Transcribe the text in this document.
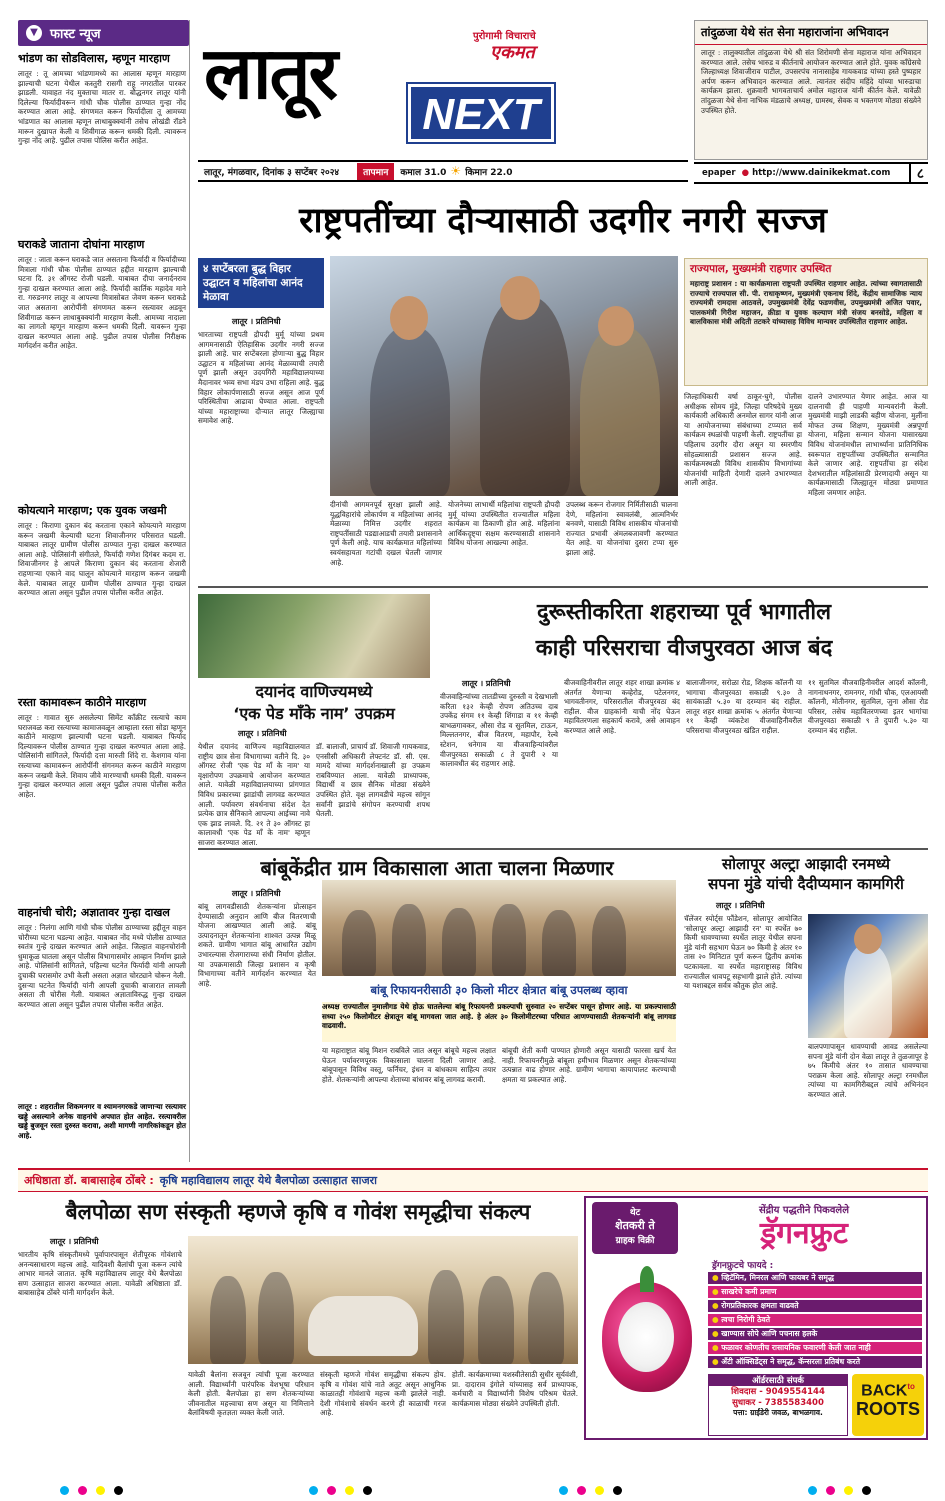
▼ फास्ट न्यूज
भांडण का सोडविलास, म्हणून मारहाण
लातूर : तू आमच्या भांडणामध्ये का आलास म्हणून मारहाण झाल्याची घटना येथील कस्तुरी रासगी राहू नगरातील पारकर झाडली. यावाहत नंद मुक्ताचा मातर रा. बौद्धनगर लातूर यांनी दिलेल्या फिर्यादीवरून गांधी चौक पोलीस ठाण्यात गुन्हा नोंद करण्यात आला आहे. संगणमत करून फिर्यादीला तू आमच्या भांडणात का आलास म्हणून लाथाबुक्क्यांनी तसेच लोखंडी रॉडने मारून दुखापत केली व शिवीगाळ करून धमकी दिली. त्यावरून गुन्हा नोंद आहे. पुढील तपास पोलिस करीत आहेत.
घराकडे जाताना दोघांना मारहाण
लातूर : जाता करून घराकडे जात असताना फिर्यादी व फिर्यादीच्या मित्राला गांधी चौक पोलीस ठाण्यात हद्दीत मारहाण झाल्याची घटना दि. ३१ ऑगस्ट रोजी घडली. याबाबत दीपा जनार्दनराव गुन्हा दाखल करण्यात आला आहे. फिर्यादी कार्तिक महादेव माने रा. गरुडनगर लातूर व आपल्या मित्रासोबत जेवण करून घराकडे जात असताना आरोपींनी संगणमत करून रस्त्यावर अडवून शिवीगाळ करून लाथाबुक्क्यांनी मारहाण केली. आमच्या नादाला का लागतो म्हणून मारहाण करून धमकी दिली. यावरून गुन्हा दाखल करण्यात आला आहे. पुढील तपास पोलीस निरीक्षक मार्गदर्शन करीत आहेत.
कोयत्याने मारहाण; एक युवक जखमी
लातूर : किराणा दुकान बंद करताना एकाने कोयत्याने मारहाण करून जखमी केल्याची घटना शिवाजीनगर परिसरात घडली. याबाबत लातूर ग्रामीण पोलीस ठाण्यात गुन्हा दाखल करण्यात आला आहे. पोलिसांनी संगीतले, फिर्यादी गणेश दिगंबर कदम रा. शिवाजीनगर हे आपले किराणा दुकान बंद करताना शेजारी राहणाऱ्या एकाने वाद घालून कोयत्याने मारहाण करून जखमी केले. याबाबत लातूर ग्रामीण पोलीस ठाण्यात गुन्हा दाखल करण्यात आला असून पुढील तपास पोलीस करीत आहेत.
रस्ता कामावरून काठीने मारहाण
लातूर : गावात सुरु असलेल्या सिमेंट काँक्रीट रस्त्याचे काम घराजवळ करा रस्त्याच्या कामाजवळून आम्हाला रस्ता सोडा म्हणून काठीने मारहाण झाल्याची घटना घडली. याबाबत फिर्याद दिल्यावरून पोलीस ठाण्यात गुन्हा दाखल करण्यात आला आहे. पोलिसांनी सांगितले, फिर्यादी दत्ता मारुती शिंदे रा. केशगाव यांना रस्त्याच्या कामावरून आरोपींनी संगनमत करून काठीने मारहाण करून जखमी केले. शिवाय जीवे मारण्याची धमकी दिली. यावरून गुन्हा दाखल करण्यात आला असून पुढील तपास पोलीस करीत आहेत.
वाहनांची चोरी; अज्ञातावर गुन्हा दाखल
लातूर : निलंगा आणि गांधी चौक पोलीस ठाण्याच्या हद्दीतून वाहन चोरीच्या घटना घडल्या आहेत. याबाबत नोंद मध्ये पोलीस ठाण्यात स्वतंत्र गुन्हे दाखल करण्यात आले आहेत. जिल्हात वाहनचोरांनी धुमाकूळ घातला असून पोलीस विभागासमोर आव्हान निर्माण झाले आहे. पोलिसांनी सांगितले, पहिल्या घटनेत फिर्यादी यांनी आपली दुचाकी घरासमोर उभी केली असता अज्ञात चोरट्याने चोरून नेली. दुसऱ्या घटनेत फिर्यादी यांनी आपली दुचाकी बाजारात लावली असता ती चोरीस गेली. याबाबत अज्ञाताविरुद्ध गुन्हा दाखल करण्यात आला असून पुढील तपास पोलीस करीत आहेत.
लातूर : शहरातील शिकमनगर व श्यामनगरकडे जाणाऱ्या रस्त्यावर खड्डे असल्याने अनेक वाहनांचे अपघात होत आहेत. रस्त्यावरील खड्डे बुजवून रस्ता दुरुस्त करावा, अशी मागणी नागरिकांकडून होत आहे.
लातूर	पुरोगामी विचाराचे
एकमत
NEXT
लातूर, मंगळवार, दिनांक ३ सप्टेंबर २०२४	तापमान	कमाल 31.0 ☀ किमान 22.0
तांदुळजा येथे संत सेना महाराजांना अभिवादन
लातूर : तालुक्यातील तांदुळजा येथे श्री संत शिरोमणी सेना महाराज यांना अभिवादन करण्यात आले. तसेच भारुड व कीर्तनाचे आयोजन करण्यात आले होते. युवक काँग्रेसचे जिल्हाध्यक्ष शिवाजीराव पाटील, उपसरपंच नानासाहेब गायकवाड यांच्या हस्ते पुष्पहार अर्पण करून अभिवादन करण्यात आले. त्यानंतर संदीप महिंदे यांच्या भारुडाचा कार्यक्रम झाला. शुक्रवारी भागवताचार्य अमोल महाराज यांनी कीर्तन केले. यावेळी तांदुळजा येथे सेना नाभिक मंडळाचे अध्यक्ष, ग्रामस्थ, सेवक व भक्तगण मोठ्या संख्येने उपस्थित होते.
epaper ● http://www.dainikekmat.com	८
राष्ट्रपतींच्या दौऱ्यासाठी उदगीर नगरी सज्ज
४ सप्टेंबरला बुद्ध विहार उद्घाटन व महिलांचा आनंद मेळावा
लातूर । प्रतिनिधी
भारताच्या राष्ट्रपती द्रौपदी मुर्मू यांच्या प्रथम आगमनासाठी ऐतिहासिक उदगीर नगरी सज्ज झाली आहे. चार सप्टेंबरला होणाऱ्या बुद्ध विहार उद्घाटन व महिलांच्या आनंद मेळाव्याची तयारी पूर्ण झाली असून उदयगिरी महाविद्यालयाच्या मैदानावर भव्य सभा मंडप उभा राहिला आहे. बुद्ध विहार लोकार्पणासाठी सज्ज असून आज पूर्ण परिस्थितीचा आढावा घेण्यात आला. राष्ट्रपती यांच्या महाराष्ट्राच्या दौऱ्यात लातूर जिल्ह्याचा समावेश आहे.
दीनांची आगमनपूर्व सुरक्षा झाली आहे. यूद्धविहारांचे लोकार्पण व महिलांच्या आनंद मेळाव्या निमित्त उदगीर शहरात राष्ट्रपतींसाठी पडद्याआडची तयारी प्रशासनाने पूर्ण केली आहे. याच कार्यक्रमात महिलांच्या स्वयंसहायता गटांची दखल घेतली जाणार आहे.
योजनेच्या लाभार्थी महिलांचा राष्ट्रपती द्रौपदी मुर्मू यांच्या उपस्थितीत राज्यातील महिला कार्यक्रम वा ठिकाणी होत आहे. महिलांना आर्थिकदृष्ट्या सक्षम करण्यासाठी शासनाने विविध योजना आखल्या आहेत.
उपलब्ध करून रोजगार निर्मितीसाठी चालना देणे, महिलांना स्वावलंबी, आत्मनिर्भर बनवणे, यासाठी विविध शासकीय योजनांची राज्यात प्रभावी अंमलबजावणी करण्यात येत आहे. या योजनांचा दुसरा टप्पा सुरु झाला आहे.
राज्यपाल, मुख्यमंत्री राहणार उपस्थित
महाराष्ट्र प्रशासन : या कार्यक्रमाला राष्ट्रपती उपस्थित राहणार आहेत. त्यांच्या स्वागतासाठी राज्याचे राज्यपाल सी. पी. राधाकृष्णन, मुख्यमंत्री एकनाथ शिंदे, केंद्रीय सामाजिक न्याय राज्यमंत्री रामदास आठवले, उपमुख्यमंत्री देवेंद्र फडणवीस, उपमुख्यमंत्री अजित पवार, पालकमंत्री गिरीश महाजन, क्रीडा व युवक कल्याण मंत्री संजय बनसोडे, महिला व बालविकास मंत्री अदिती तटकरे यांच्यासह विविध मान्यवर उपस्थितीत राहणार आहेत.
जिल्हाधिकारी वर्षा ठाकूर-घुगे, पोलीस अधीक्षक सोमय मुंडे, जिल्हा परिषदेचे मुख्य कार्यकारी अधिकारी अनमोल सागर यांनी आज या आयोजनाच्या संबंधाच्या टप्प्यात सर्व कार्यक्रम स्थळांची पाहणी केली. राष्ट्रपतींचा हा पहिलाच उदगीर दौरा असून या स्मरणीय सोहळ्यासाठी प्रशासन सज्ज आहे. कार्यक्रमस्थळी विविध शासकीय विभागांच्या योजनांची माहिती देणारी दालने उभारण्यात आली आहेत.
दालने उभारण्यात येणार आहेत. आज या दालनाची ही पाहणी मान्यवरांनी केली. मुख्यमंत्री माझी लाडकी बहीण योजना, मुलींना मोफत उच्च शिक्षण, मुख्यमंत्री अन्नपूर्णा योजना, महिला सन्मान योजना यासारख्या विविध योजनांमधील लाभार्थ्यांना प्रातिनिधिक स्वरूपात राष्ट्रपतींच्या उपस्थितीत सन्मानित केले जाणार आहे. राष्ट्रपतींचा हा संदेश देशभरातील महिलांसाठी प्रेरणादायी असून या कार्यक्रमासाठी जिल्ह्यातून मोठ्या प्रमाणात महिला जमणार आहेत.
दयानंद वाणिज्यमध्ये
‘एक पेड माँके नाम’ उपक्रम
लातूर । प्रतिनिधी
येथील दयानंद वाणिज्य महाविद्यालयात राष्ट्रीय छात्र सेना विभागाच्या वतीने दि. ३० ऑगस्ट रोजी 'एक पेड माँ के नाम' या वृक्षारोपण उपक्रमाचे आयोजन करण्यात आले. यावेळी महाविद्यालयाच्या प्रांगणात विविध प्रकारच्या झाडांची लागवड करण्यात आली. पर्यावरण संवर्धनाचा संदेश देत प्रत्येक छात्र सैनिकाने आपल्या आईच्या नावे एक झाड लावले. दि. २१ ते ३० ऑगस्ट हा कालावधी 'एक पेड माँ के नाम' म्हणून साजरा करण्यात आला.
डॉ. बालाजी, प्राचार्य डॉ. शिवाजी गायकवाड, एनसीसी अधिकारी लेफ्टनंट डॉ. सी. एस. मामदे यांच्या मार्गदर्शनाखाली हा उपक्रम राबविण्यात आला. यावेळी प्राध्यापक, विद्यार्थी व छात्र सैनिक मोठ्या संख्येने उपस्थित होते. वृक्ष लागवडीचे महत्त्व सांगून सर्वांनी झाडांचे संगोपन करण्याची शपथ घेतली.
दुरूस्तीकरिता शहराच्या पूर्व भागातील
काही परिसराचा वीजपुरवठा आज बंद
लातूर । प्रतिनिधी
वीजवाहिन्यांच्या तातडीच्या दुरुस्ती व देखभाली करिता १३२ केव्ही रोपण अतिउच्च दाब उपकेंद्र संगम ११ केव्ही शिंगाडा व ११ केव्ही बाभळगावकर, औसा रोड व सुतमिल, टाऊन, मिल्लतनगर, बीज वितरण, महापौर, रेल्वे स्टेशन, धनेगाव या वीजवाहिन्यांवरील वीजपुरवठा सकाळी ८ ते दुपारी २ या कालावधीत बंद राहणार आहे.
बीजवाहिनीवरील लातूर शहर शाखा क्रमांक ४ अंतर्गत येणाऱ्या कव्हेरोड, पटेलनगर, भागवतीनगर, परिसरातील वीजपुरवठा बंद राहील. वीज ग्राहकांनी याची नोंद घेऊन महावितरणला सहकार्य करावे, असे आवाहन करण्यात आले आहे.
बालाजीनगर, सरोळा रोड, शिक्षक कॉलनी या भागाचा वीजपुरवठा सकाळी ९.३० ते सायंकाळी ५.३० या दरम्यान बंद राहील. लातूर शहर शाखा क्रमांक ५ अंतर्गत येणाऱ्या ११ केव्ही व्यंकटेश वीजवाहिनीवरील परिसराचा वीजपुरवठा खंडित राहील.
११ सुतमिल वीजवाहिनीवरील आदर्श कॉलनी, नागनाथनगर, रामनगर, गांधी चौक, एलआयसी कॉलनी, मोतीनगर, सुतमिल, जुना औसा रोड परिसर, तसेच महावितरणच्या इतर भागांचा वीजपुरवठा सकाळी ९ ते दुपारी ५.३० या दरम्यान बंद राहील.
बांबूकेंद्रीत ग्राम विकासाला आता चालना मिळणार
लातूर । प्रतिनिधी
बांबू लागवडीसाठी शेतकऱ्यांना प्रोत्साहन देण्यासाठी अनुदान आणि बीज वितरणाची योजना आखण्यात आली आहे. बांबू उत्पादनातून शेतकऱ्यांना शाश्वत उत्पन्न मिळू शकते. ग्रामीण भागात बांबू आधारित उद्योग उभारल्यास रोजगाराच्या संधी निर्माण होतील. या उपक्रमासाठी जिल्हा प्रशासन व कृषी विभागाच्या वतीने मार्गदर्शन करण्यात येत आहे.	बांबू रिफायनरीसाठी ३० किलो मीटर क्षेत्रात बांबू उपलब्ध व्हावा
अध्यक्ष राज्यातील नुमालीगड येथे होऊ घातलेल्या बांबू रिफायनरी प्रकल्पाची सुरुवात २० सप्टेंबर पासून होणार आहे. या प्रकल्पासाठी सध्या २५० किलोमीटर क्षेत्रातून बांबू मागवला जात आहे. हे अंतर ३० किलोमीटरच्या परिघात आणण्यासाठी शेतकऱ्यांनी बांबू लागवड वाढवावी.
या महाराष्ट्रात बांबू मिशन राबविले जात असून बांबूचे महत्त्व लक्षात घेऊन पर्यावरणपूरक विकासाला चालना दिली जाणार आहे. बांबूपासून विविध वस्तू, फर्निचर, इंधन व बांधकाम साहित्य तयार होते. शेतकऱ्यांनी आपल्या शेताच्या बांधावर बांबू लागवड करावी.
बांबूची शेती कमी पाण्यात होणारी असून यासाठी फारसा खर्च येत नाही. रिफायनरीमुळे बांबूला हमीभाव मिळणार असून शेतकऱ्यांच्या उत्पन्नात वाढ होणार आहे. ग्रामीण भागाचा कायापालट करण्याची क्षमता या प्रकल्पात आहे.
सोलापूर अल्ट्रा आझादी रनमध्ये
सपना मुंडे यांची दैदीप्यमान कामगिरी
लातूर । प्रतिनिधी
चॅलेंजर स्पोर्ट्स फौंडेशन, सोलापूर आयोजित 'सोलापूर अल्ट्रा आझादी रन' या स्पर्धेत ७० किमी धावण्याच्या स्पर्धेत लातूर येथील सपना मुंडे यांनी सहभाग घेऊन ७० किमी हे अंतर १० तास २० मिनिटात पूर्ण करून द्वितीय क्रमांक पटकावला. या स्पर्धेत महाराष्ट्रासह विविध राज्यातील धावपटू सहभागी झाले होते. त्यांच्या या यशाबद्दल सर्वत्र कौतुक होत आहे.
बालपणापासून धावण्याची आवड असलेल्या सपना मुंडे यांनी दोन वेळा लातूर ते तुळजापूर हे ७५ किमीचे अंतर १० तासात धावण्याचा पराक्रम केला आहे. सोलापूर अल्ट्रा रनमधील त्यांच्या या कामगिरीबद्दल त्यांचे अभिनंदन करण्यात आले.
अधिष्ठाता डॉ. बाबासाहेब ठोंबरे : कृषि महाविद्यालय लातूर येथे बैलपोळा उत्साहात साजरा
बैलपोळा सण संस्कृती म्हणजे कृषि व गोवंश समृद्धीचा संकल्प
लातूर । प्रतिनिधी
भारतीय कृषि संस्कृतीमध्ये पूर्वापारपासून शेतीपूरक गोवंशाचे अनन्यसाधारण महत्त्व आहे. यादिवशी बैलांची पूजा करून त्यांचे आभार मानले जातात. कृषि महाविद्यालय लातूर येथे बैलपोळा सण उत्साहात साजरा करण्यात आला. यावेळी अधिष्ठाता डॉ. बाबासाहेब ठोंबरे यांनी मार्गदर्शन केले.
यावेळी बैलांना सजवून त्यांची पूजा करण्यात आली. विद्यार्थ्यांनी पारंपरिक वेशभूषा परिधान केली होती. बैलपोळा हा सण शेतकऱ्यांच्या जीवनातील महत्त्वाचा सण असून या निमित्ताने बैलांविषयी कृतज्ञता व्यक्त केली जाते.
संस्कृती म्हणजे गोवंश समृद्धीचा संकल्प होय. कृषि व गोवंश यांचे नाते अतूट असून आधुनिक काळातही गोवंशाचे महत्त्व कमी झालेले नाही. देशी गोवंशाचे संवर्धन करणे ही काळाची गरज आहे.
होती. कार्यक्रमाच्या यशस्वीतेसाठी सुधीर सूर्यवंशी, प्रा. दादाराव इंगोले यांच्यासह सर्व प्राध्यापक, कर्मचारी व विद्यार्थ्यांनी विशेष परिश्रम घेतले. कार्यक्रमास मोठ्या संख्येने उपस्थिती होती.
थेट
शेतकरी ते
ग्राहक विक्री
सेंद्रीय पद्धतीने पिकवलेले
ड्रॅगनफ्रुट
ड्रॅगनफ्रुटचे फायदे :
● व्हिटॅमिन, मिनरल आणि फायबर ने समृद्ध
● साखरेचे कमी प्रमाण
● रोगप्रतिकारक क्षमता वाढवते
● त्वचा निरोगी ठेवते
● खाण्यास सोपे आणि पचनास हलके
● फळावर कोणतीच रासायनिक फवारणी केली जात नाही
● अँटी ऑक्सिडेंट्स ने समृद्ध, कॅन्सरला प्रतिबंध करते
ऑर्डरसाठी संपर्क
शिवदास - 9049554144
सुधाकर - 7385583400
पत्ता: ग्राईंडेरी जवळ, बाभळगाव.
$BACK^{to}$
ROOTS
